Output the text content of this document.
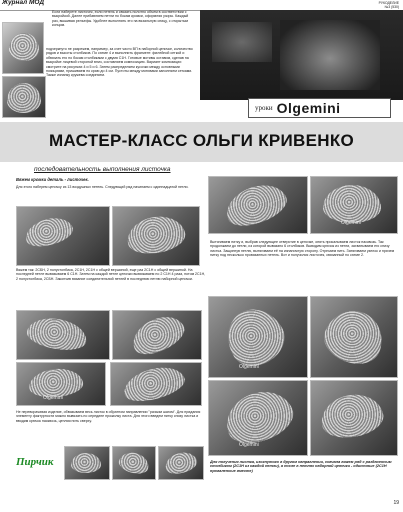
Журнал МОД	РУКОДЕЛИЕ
№3 (530)
Если наберете листочек, если петель и связать полотно объем в соответствии с выкройкой. Далее прибавляем петли по бокам кромки, оформляя узоры. Каждый раз, вышивая рельефы. Удобнее выполнять это на вязальную спицу, с открытым концом.
подчеркнуто не разрежем, например, за счет чисто ВП в наборной цепочке, количество рядов и высоты столбиков. По схеме 4 и выполнить фрагмент: филейной сеткой и обвязать его по бокам столбиками с двумя С1Н. Готовые мотивы оставим, сделав на выкройке лицевой стороной вниз, составляем композицию. Вариант композиции смотрите на рисунках 4 и 5 и 6. Затем распределяем кусочки между основными позициями, пришиваем по краю до 4 см. Пустоты между мотивами заполняем сетками. Также изнанку кружева соединяем.
уроки Olgemini
МАСТЕР-КЛАСС ОЛЬГИ КРИВЕНКО
последовательность выполнения листочка
Вяжем кромки деталь - листочек.
Для этого наберем цепочку из 13 воздушных петель. Следующий ряд начинаем с одиннадцатой петли.
Olgemini
Вяжем так: 2СБН, 2 полустолбика, 2С1Н, 2С1Н с общей вершиной, еще раз 2С1Н с общей вершиной. На последней петле вывязываем 6 С1Н. Затем на каждой петле цепочки вывязываем по 2 С1Н 4 раза, потом 2С1Н, 2 полустолбика, 2СБН. Закончив вязание соединительной петлей в последнюю петлю наборной цепочки.
Вытягиваем нитку и, выбрав следующее отверстие в цепочке, опять прокалываем листок насквозь. Так продолжаем до петли, из которой вывязано 6 столбиков. Выводим крючок из петли, захватываем его снизу листка. Защипнув петлю, вытягиваем её на изнаночную сторону. Отрезаем нить. Затягиваем узелок и прячем нитку под несколько провязанных петель. Вот и получился листочек, связанный по схеме 2.
Olgemini
Olgemini
Olgemini
Не переворачивая изделие, обвязываем весь листок в обратном направлении "рачьим шагом". Для придания элементу фактурности можно вывязать по середине прожилку листа. Для этого введем нитку снизу листка и вводим крючок насквозь, цепляя нить сверху.
Пирчик	Для получения листка, изогнутого в другом направлении, сначала вяжем ряд с раздвоенным столбиком (2С1Н из каждой петли), а после в петлях наборной цепочки - одиночные (2С1Н проваленные вместе)
19
